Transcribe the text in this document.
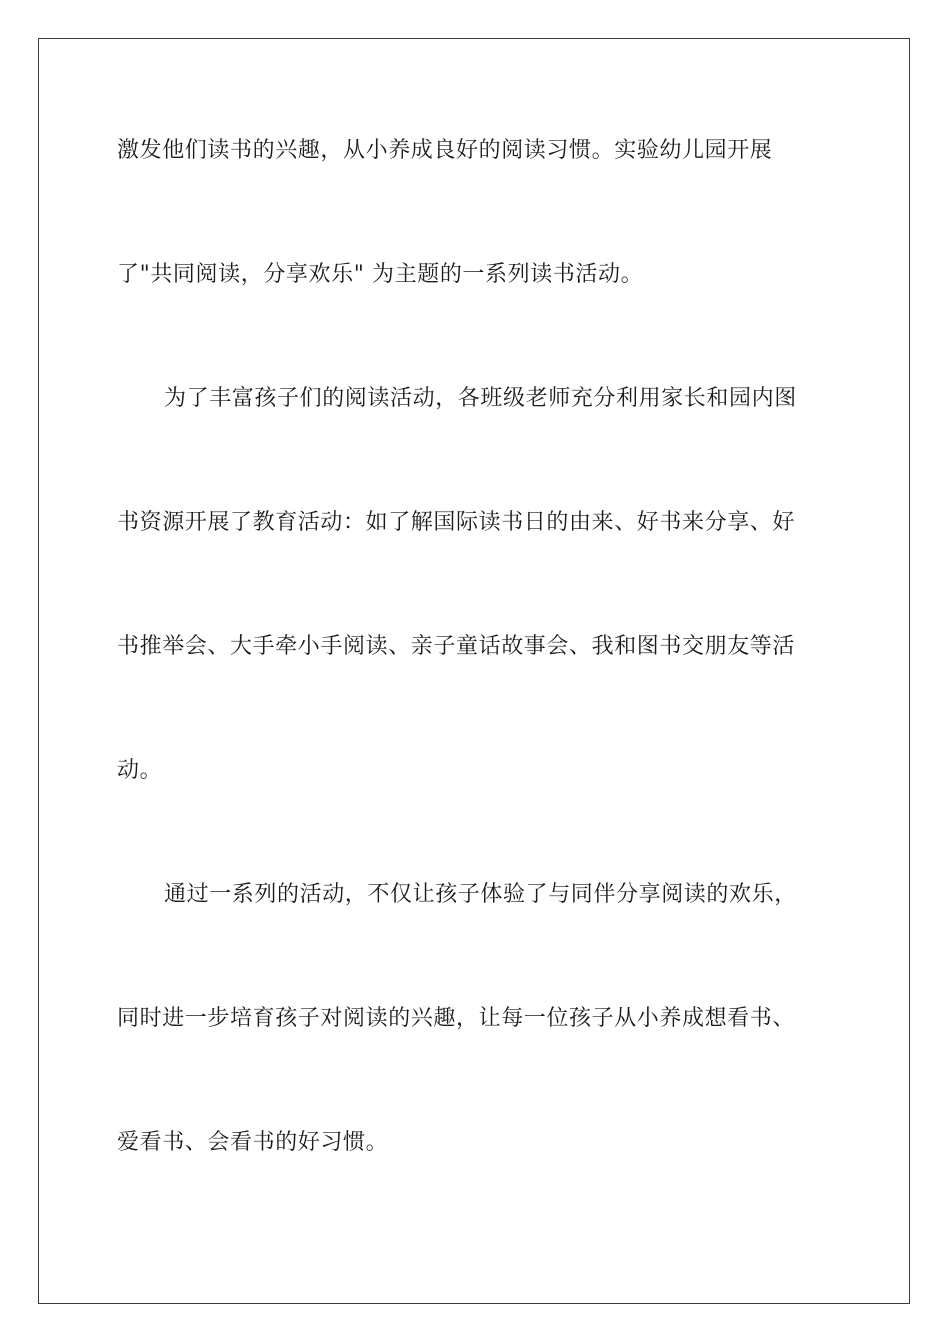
激发他们读书的兴趣，从小养成良好的阅读习惯。实验幼儿园开展
了"共同阅读，分享欢乐" 为主题的一系列读书活动。
为了丰富孩子们的阅读活动，各班级老师充分利用家长和园内图
书资源开展了教育活动：如了解国际读书日的由来、好书来分享、好
书推举会、大手牵小手阅读、亲子童话故事会、我和图书交朋友等活
动。
通过一系列的活动，不仅让孩子体验了与同伴分享阅读的欢乐，
同时进一步培育孩子对阅读的兴趣，让每一位孩子从小养成想看书、
爱看书、会看书的好习惯。
